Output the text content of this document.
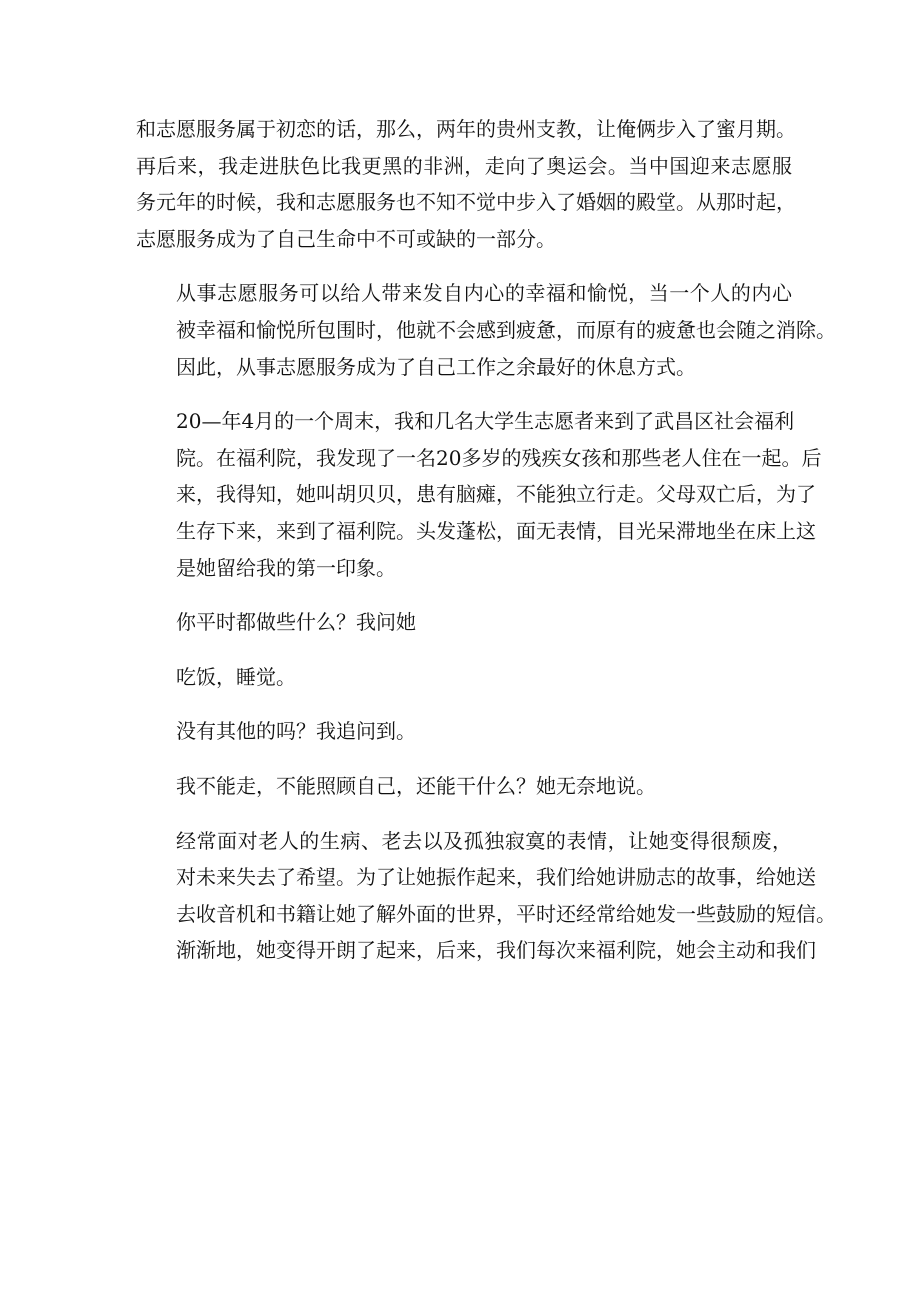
和志愿服务属于初恋的话，那么，两年的贵州支教，让俺俩步入了蜜月期。
再后来，我走进肤色比我更黑的非洲，走向了奥运会。当中国迎来志愿服
务元年的时候，我和志愿服务也不知不觉中步入了婚姻的殿堂。从那时起，
志愿服务成为了自己生命中不可或缺的一部分。
从事志愿服务可以给人带来发自内心的幸福和愉悦，当一个人的内心
被幸福和愉悦所包围时，他就不会感到疲惫，而原有的疲惫也会随之消除。
因此，从事志愿服务成为了自己工作之余最好的休息方式。
20—年4月的一个周末，我和几名大学生志愿者来到了武昌区社会福利
院。在福利院，我发现了一名20多岁的残疾女孩和那些老人住在一起。后
来，我得知，她叫胡贝贝，患有脑瘫，不能独立行走。父母双亡后，为了
生存下来，来到了福利院。头发蓬松，面无表情，目光呆滞地坐在床上这
是她留给我的第一印象。
你平时都做些什么？我问她
吃饭，睡觉。
没有其他的吗？我追问到。
我不能走，不能照顾自己，还能干什么？她无奈地说。
经常面对老人的生病、老去以及孤独寂寞的表情，让她变得很颓废，
对未来失去了希望。为了让她振作起来，我们给她讲励志的故事，给她送
去收音机和书籍让她了解外面的世界，平时还经常给她发一些鼓励的短信。
渐渐地，她变得开朗了起来，后来，我们每次来福利院，她会主动和我们
